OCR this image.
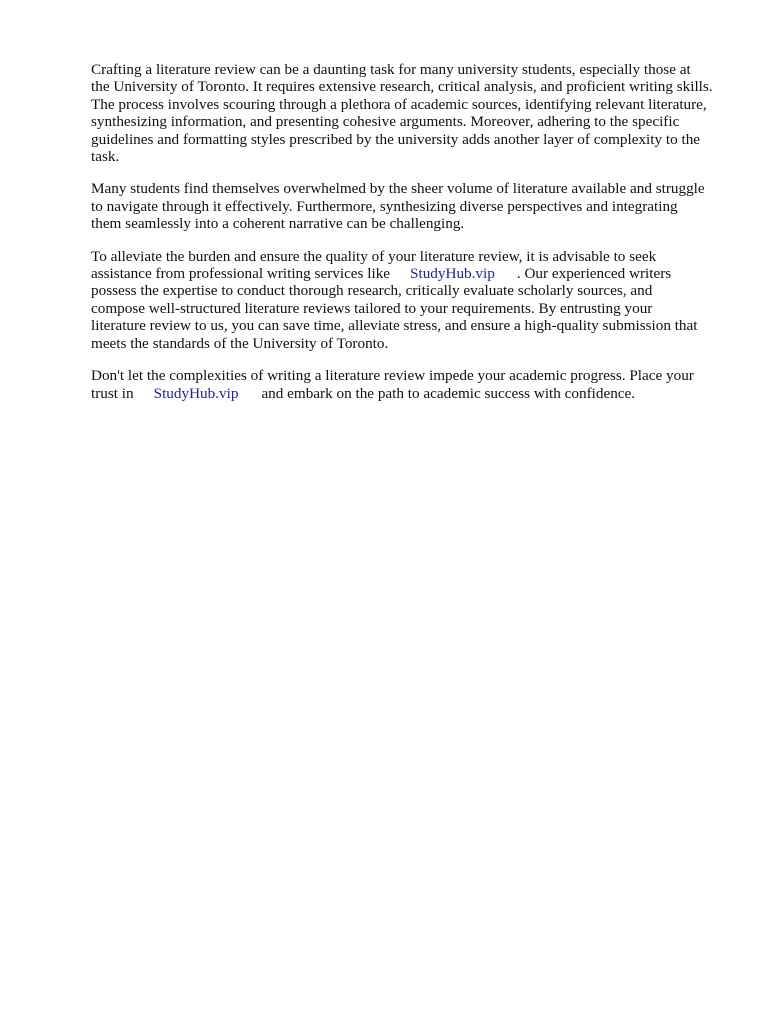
Crafting a literature review can be a daunting task for many university students, especially those at
the University of Toronto. It requires extensive research, critical analysis, and proficient writing skills.
The process involves scouring through a plethora of academic sources, identifying relevant literature,
synthesizing information, and presenting cohesive arguments. Moreover, adhering to the specific
guidelines and formatting styles prescribed by the university adds another layer of complexity to the
task.

Many students find themselves overwhelmed by the sheer volume of literature available and struggle
to navigate through it effectively. Furthermore, synthesizing diverse perspectives and integrating
them seamlessly into a coherent narrative can be challenging.

To alleviate the burden and ensure the quality of your literature review, it is advisable to seek
assistance from professional writing services like StudyHub.vip . Our experienced writers
possess the expertise to conduct thorough research, critically evaluate scholarly sources, and
compose well-structured literature reviews tailored to your requirements. By entrusting your
literature review to us, you can save time, alleviate stress, and ensure a high-quality submission that
meets the standards of the University of Toronto.

Don't let the complexities of writing a literature review impede your academic progress. Place your
trust in StudyHub.vip and embark on the path to academic success with confidence.
